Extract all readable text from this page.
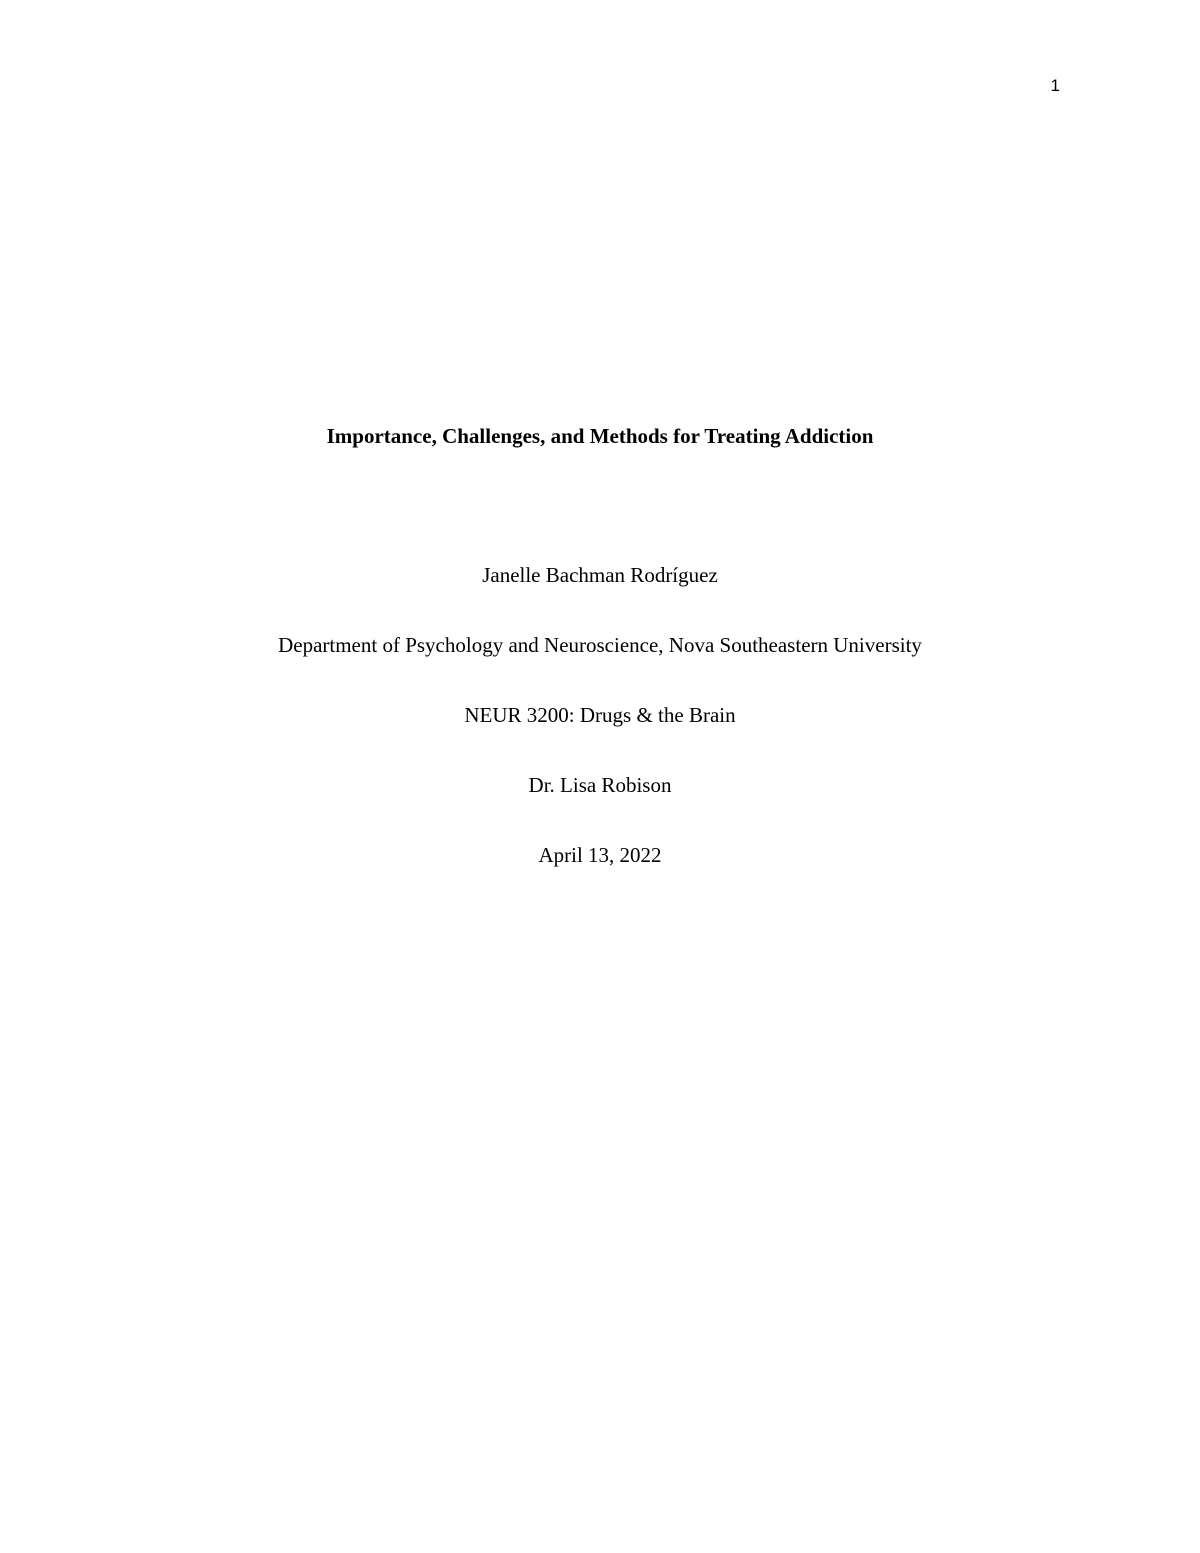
1
Importance, Challenges, and Methods for Treating Addiction
Janelle Bachman Rodríguez
Department of Psychology and Neuroscience, Nova Southeastern University
NEUR 3200: Drugs & the Brain
Dr. Lisa Robison
April 13, 2022
